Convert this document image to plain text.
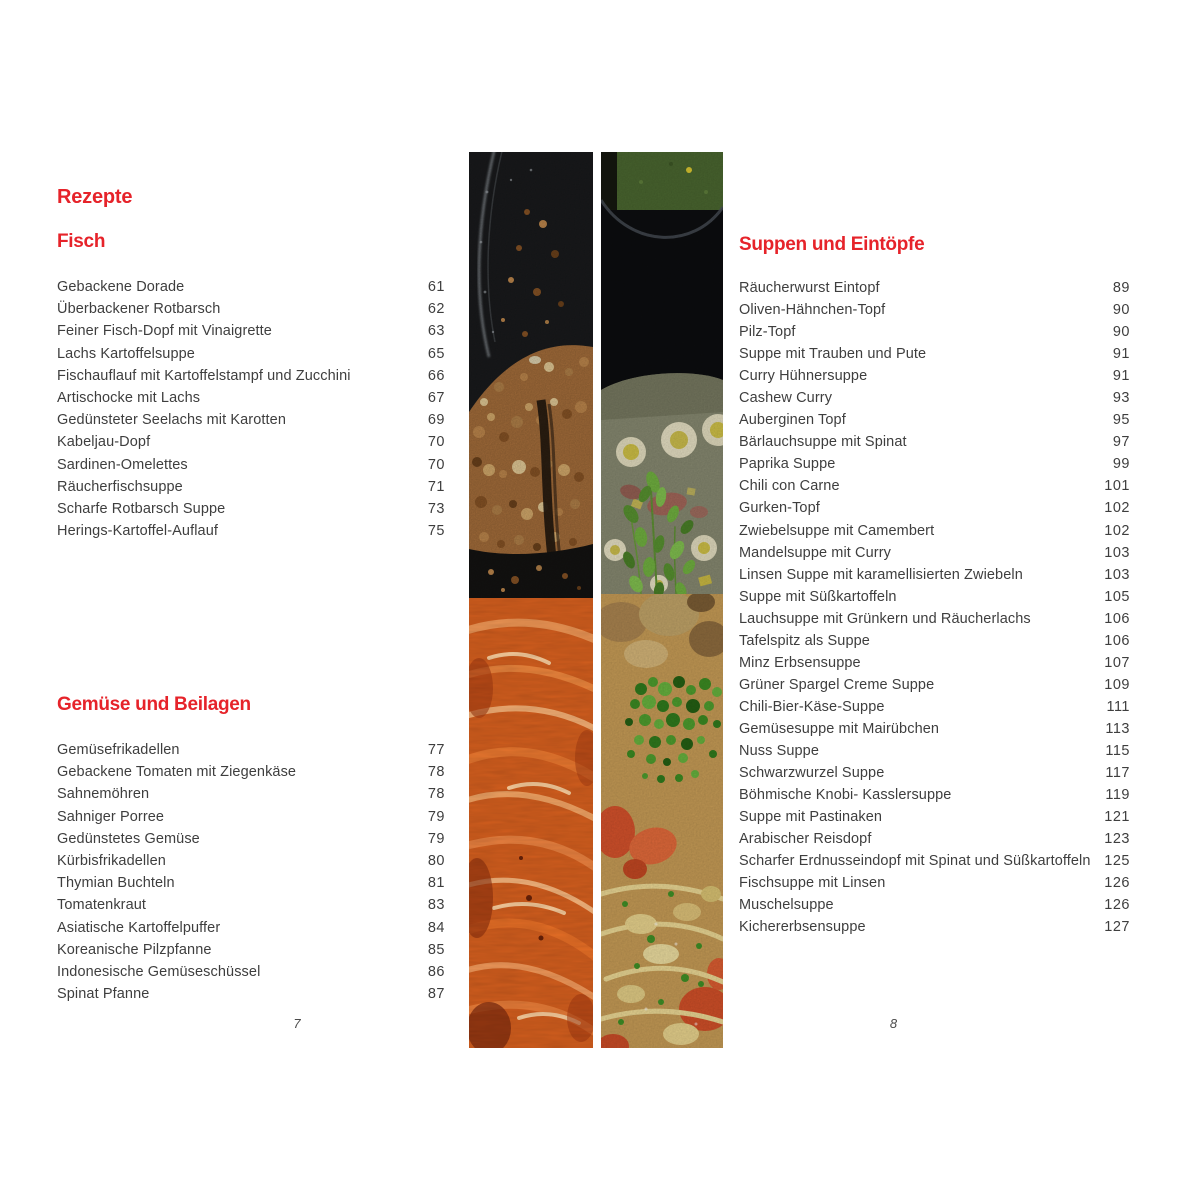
Rezepte
Fisch
Gebackene Dorade	61
Überbackener Rotbarsch	62
Feiner Fisch-Dopf mit Vinaigrette	63
Lachs Kartoffelsuppe	65
Fischauflauf mit Kartoffelstampf und Zucchini	66
Artischocke mit Lachs	67
Gedünsteter Seelachs mit Karotten	69
Kabeljau-Dopf	70
Sardinen-Omelettes	70
Räucherfischsuppe	71
Scharfe Rotbarsch Suppe	73
Herings-Kartoffel-Auflauf	75
Gemüse und Beilagen
Gemüsefrikadellen	77
Gebackene Tomaten mit Ziegenkäse	78
Sahnemöhren	78
Sahniger Porree	79
Gedünstetes Gemüse	79
Kürbisfrikadellen	80
Thymian Buchteln	81
Tomatenkraut	83
Asiatische Kartoffelpuffer	84
Koreanische Pilzpfanne	85
Indonesische Gemüseschüssel	86
Spinat Pfanne	87
7
Suppen und Eintöpfe
Räucherwurst Eintopf	89
Oliven-Hähnchen-Topf	90
Pilz-Topf	90
Suppe mit Trauben und Pute	91
Curry Hühnersuppe	91
Cashew Curry	93
Auberginen Topf	95
Bärlauchsuppe mit Spinat	97
Paprika Suppe	99
Chili con Carne	101
Gurken-Topf	102
Zwiebelsuppe mit Camembert	102
Mandelsuppe mit Curry	103
Linsen Suppe mit karamellisierten Zwiebeln	103
Suppe mit Süßkartoffeln	105
Lauchsuppe mit Grünkern und Räucherlachs	106
Tafelspitz als Suppe	106
Minz Erbsensuppe	107
Grüner Spargel Creme Suppe	109
Chili-Bier-Käse-Suppe	111
Gemüsesuppe mit Mairübchen	113
Nuss Suppe	115
Schwarzwurzel Suppe	117
Böhmische Knobi- Kasslersuppe	119
Suppe mit Pastinaken	121
Arabischer Reisdopf	123
Scharfer Erdnusseindopf mit Spinat und Süßkartoffeln 125
Fischsuppe mit Linsen	126
Muschelsuppe	126
Kichererbsensuppe	127
8
